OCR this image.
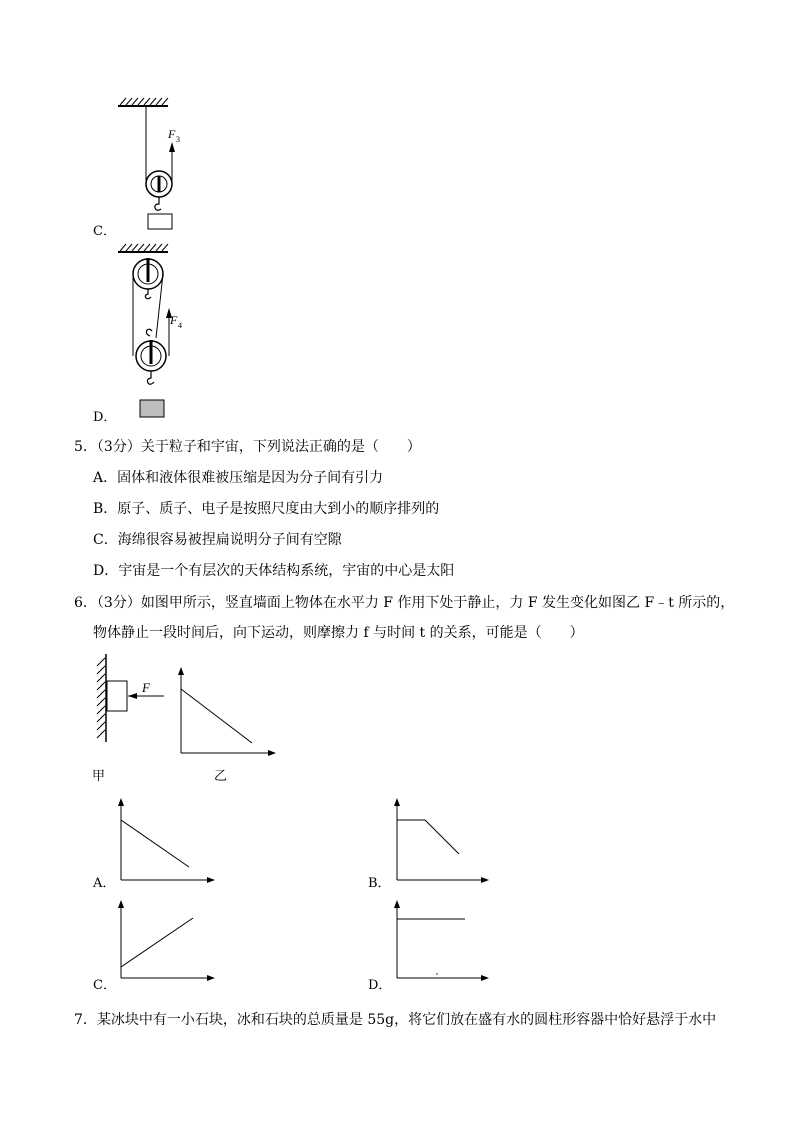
F 3
C．
F 4
D．
5．（3分）关于粒子和宇宙，下列说法正确的是（　　）
A．固体和液体很难被压缩是因为分子间有引力
B．原子、质子、电子是按照尺度由大到小的顺序排列的
C．海绵很容易被捏扁说明分子间有空隙
D．宇宙是一个有层次的天体结构系统，宇宙的中心是太阳
6．（3分）如图甲所示，竖直墙面上物体在水平力 F 作用下处于静止，力 F 发生变化如图乙 F﹣t 所示的，
物体静止一段时间后，向下运动，则摩擦力 f 与时间 t 的关系，可能是（　　）
F
甲	乙
A．	B．
C．	D．
7．某冰块中有一小石块，冰和石块的总质量是 55g，将它们放在盛有水的圆柱形容器中恰好悬浮于水中
